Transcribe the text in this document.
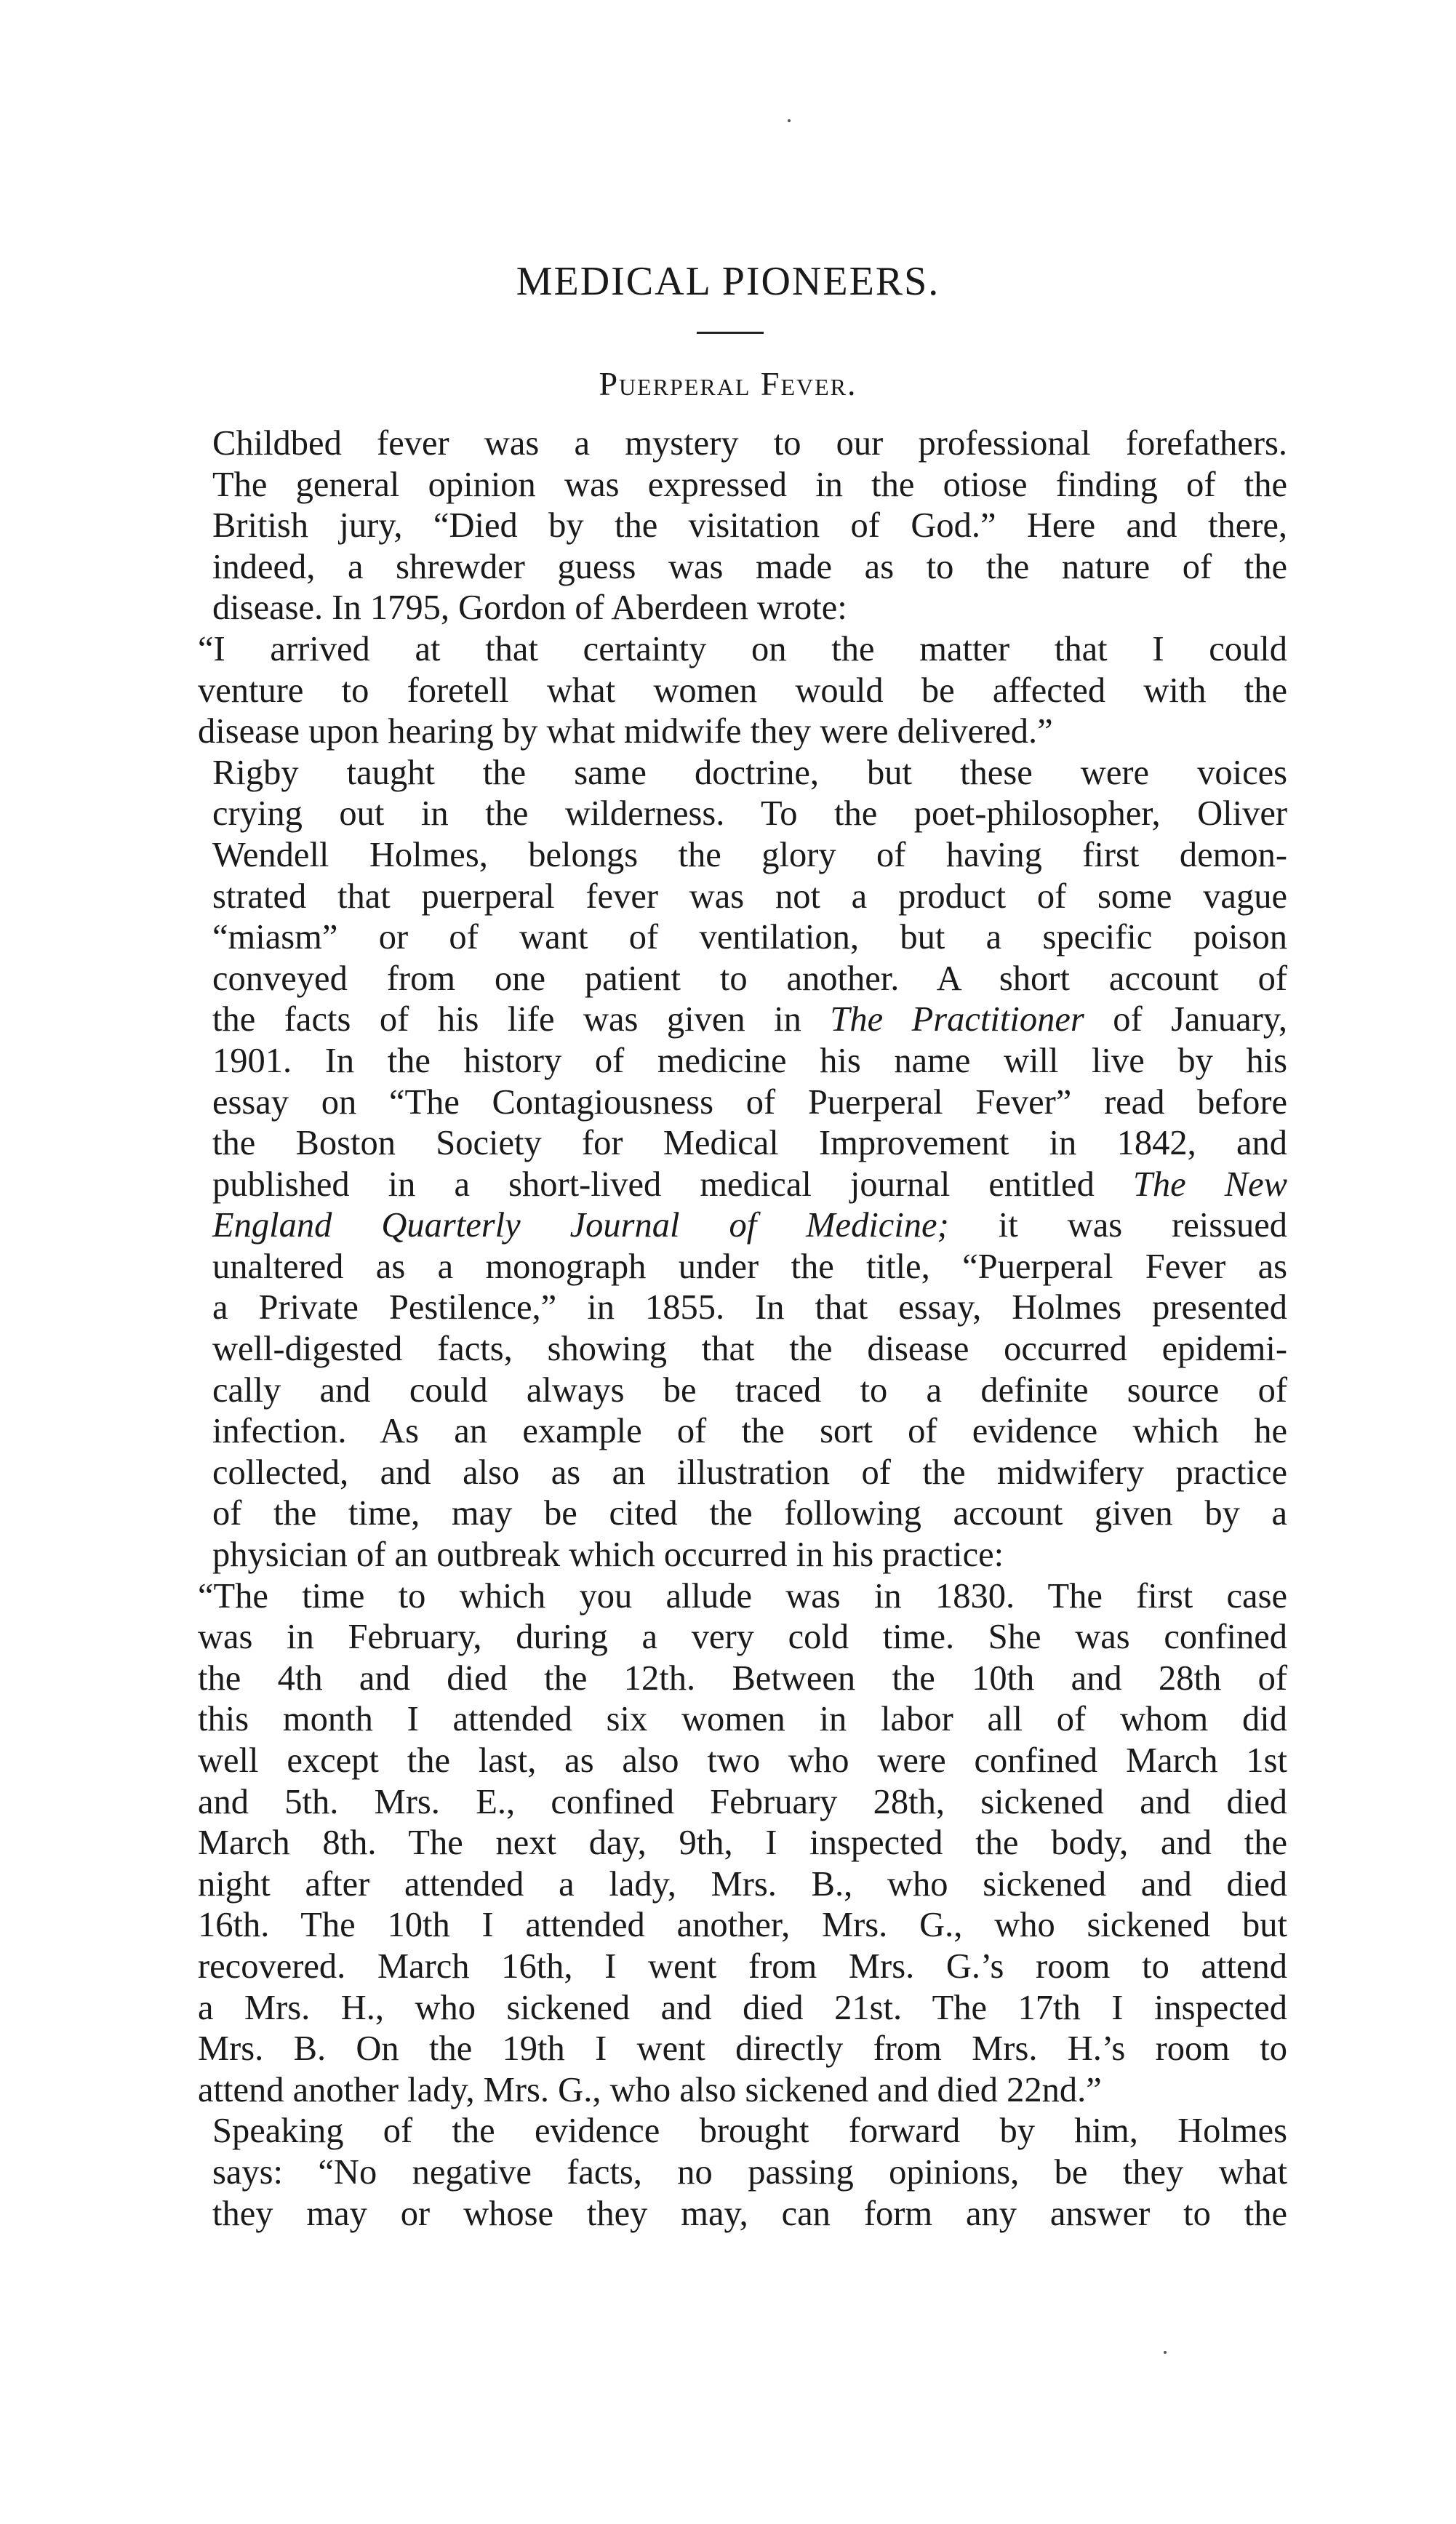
MEDICAL PIONEERS.
Puerperal Fever.

Childbed fever was a mystery to our professional forefathers.
The general opinion was expressed in the otiose finding of the
British jury, “Died by the visitation of God.” Here and there,
indeed, a shrewder guess was made as to the nature of the
disease. In 1795, Gordon of Aberdeen wrote:

“I arrived at that certainty on the matter that I could
venture to foretell what women would be affected with the
disease upon hearing by what midwife they were delivered.”

Rigby taught the same doctrine, but these were voices
crying out in the wilderness. To the poet-philosopher, Oliver
Wendell Holmes, belongs the glory of having first demon-
strated that puerperal fever was not a product of some vague
“miasm” or of want of ventilation, but a specific poison
conveyed from one patient to another. A short account of
the facts of his life was given in The Practitioner of January,
1901. In the history of medicine his name will live by his
essay on “The Contagiousness of Puerperal Fever” read before
the Boston Society for Medical Improvement in 1842, and
published in a short-lived medical journal entitled The New
England Quarterly Journal of Medicine; it was reissued
unaltered as a monograph under the title, “Puerperal Fever as
a Private Pestilence,” in 1855. In that essay, Holmes presented
well-digested facts, showing that the disease occurred epidemi-
cally and could always be traced to a definite source of
infection. As an example of the sort of evidence which he
collected, and also as an illustration of the midwifery practice
of the time, may be cited the following account given by a
physician of an outbreak which occurred in his practice:

“The time to which you allude was in 1830. The first case
was in February, during a very cold time. She was confined
the 4th and died the 12th. Between the 10th and 28th of
this month I attended six women in labor all of whom did
well except the last, as also two who were confined March 1st
and 5th. Mrs. E., confined February 28th, sickened and died
March 8th. The next day, 9th, I inspected the body, and the
night after attended a lady, Mrs. B., who sickened and died
16th. The 10th I attended another, Mrs. G., who sickened but
recovered. March 16th, I went from Mrs. G.’s room to attend
a Mrs. H., who sickened and died 21st. The 17th I inspected
Mrs. B. On the 19th I went directly from Mrs. H.’s room to
attend another lady, Mrs. G., who also sickened and died 22nd.”

Speaking of the evidence brought forward by him, Holmes
says: “No negative facts, no passing opinions, be they what
they may or whose they may, can form any answer to the
